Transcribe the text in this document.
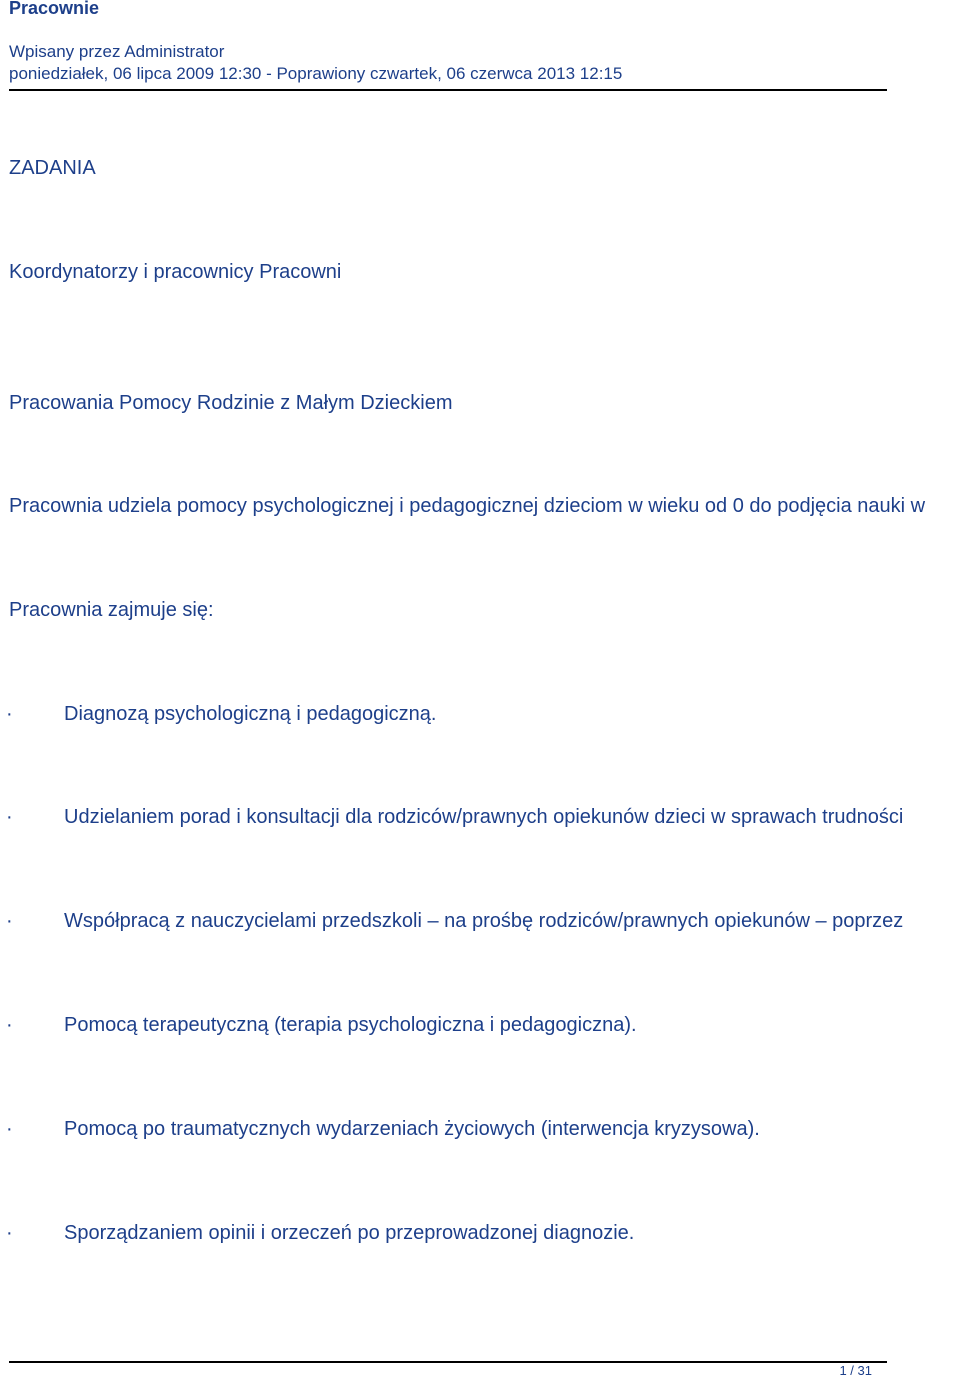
Pracownie
Wpisany przez Administrator
poniedziałek, 06 lipca 2009 12:30 - Poprawiony czwartek, 06 czerwca 2013 12:15
ZADANIA
Koordynatorzy i pracownicy Pracowni
Pracowania Pomocy Rodzinie z Małym Dzieckiem
Pracownia udziela pomocy psychologicznej i pedagogicznej dzieciom w wieku od 0 do podjęcia nauki w
Pracownia zajmuje się:
·	Diagnozą psychologiczną i pedagogiczną.
·	Udzielaniem porad i konsultacji dla rodziców/prawnych opiekunów dzieci w sprawach trudności
·	Współpracą z nauczycielami przedszkoli – na prośbę rodziców/prawnych opiekunów – poprzez
·	Pomocą terapeutyczną (terapia psychologiczna i pedagogiczna).
·	Pomocą po traumatycznych wydarzeniach życiowych (interwencja kryzysowa).
·	Sporządzaniem opinii i orzeczeń po przeprowadzonej diagnozie.
1 / 31
